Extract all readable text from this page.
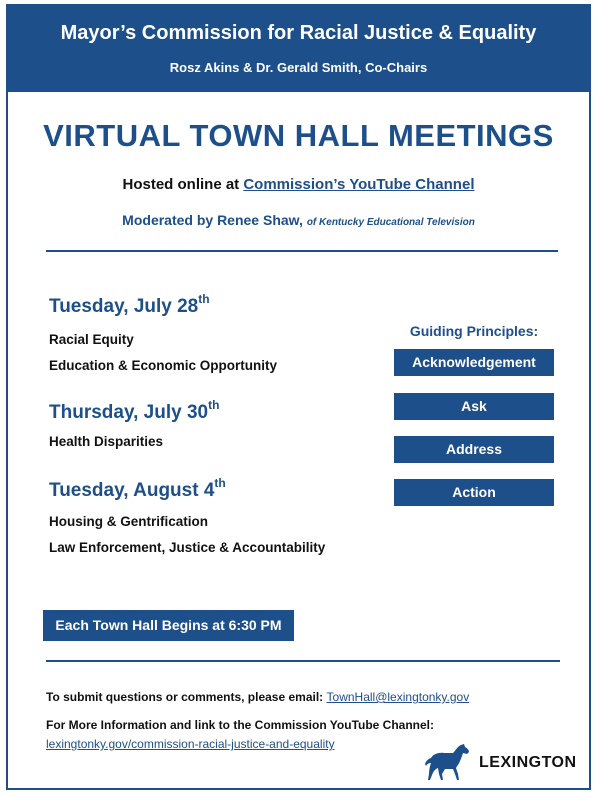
Mayor’s Commission for Racial Justice & Equality
Rosz Akins & Dr. Gerald Smith, Co-Chairs
VIRTUAL TOWN HALL MEETINGS
Hosted online at Commission’s YouTube Channel
Moderated by Renee Shaw, of Kentucky Educational Television
Tuesday, July 28th
Racial Equity
Education & Economic Opportunity
Thursday, July 30th
Health Disparities
Tuesday, August 4th
Housing & Gentrification
Law Enforcement, Justice & Accountability
Guiding Principles:
Acknowledgement
Ask
Address
Action
Each Town Hall Begins at 6:30 PM
To submit questions or comments, please email: TownHall@lexingtonky.gov
For More Information and link to the Commission YouTube Channel:
lexingtonky.gov/commission-racial-justice-and-equality
LEXINGTON
